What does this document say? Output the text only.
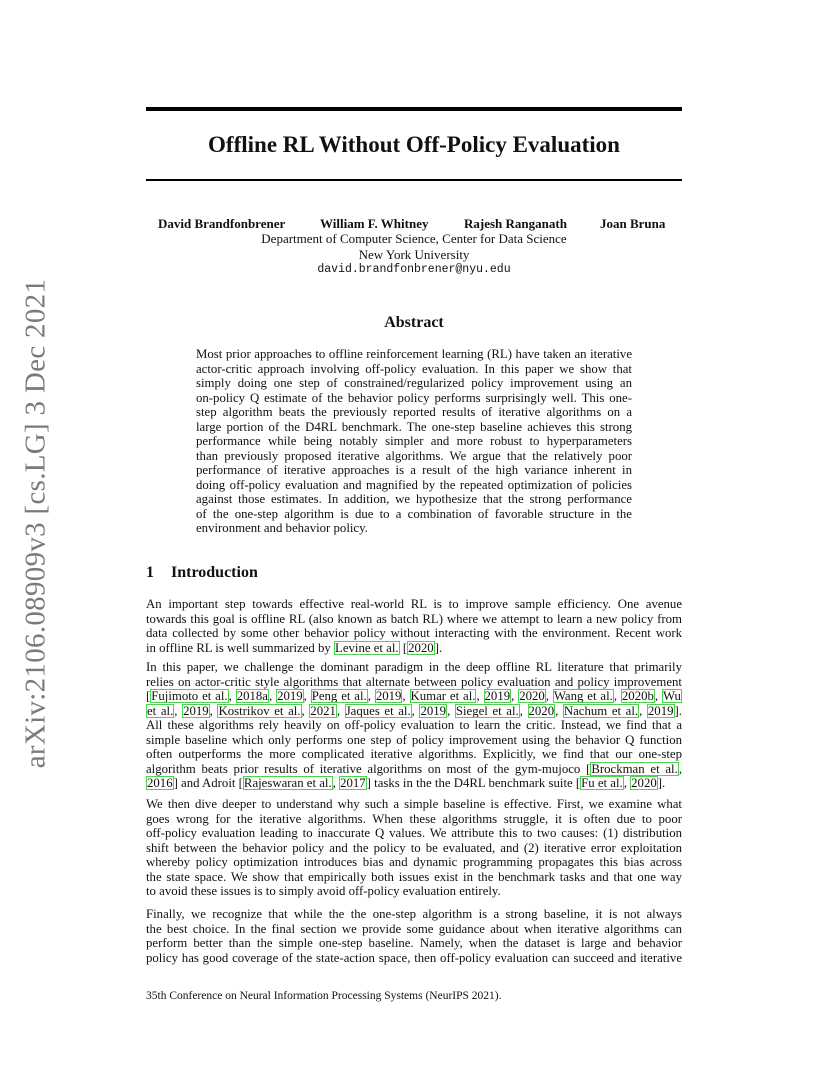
arXiv:2106.08909v3 [cs.LG] 3 Dec 2021
Offline RL Without Off-Policy Evaluation
David Brandfonbrener	William F. Whitney	Rajesh Ranganath	Joan Bruna
Department of Computer Science, Center for Data Science
New York University
david.brandfonbrener@nyu.edu
Abstract
Most prior approaches to offline reinforcement learning (RL) have taken an iterative
actor-critic approach involving off-policy evaluation. In this paper we show that
simply doing one step of constrained/regularized policy improvement using an
on-policy Q estimate of the behavior policy performs surprisingly well. This one-
step algorithm beats the previously reported results of iterative algorithms on a
large portion of the D4RL benchmark. The one-step baseline achieves this strong
performance while being notably simpler and more robust to hyperparameters
than previously proposed iterative algorithms. We argue that the relatively poor
performance of iterative approaches is a result of the high variance inherent in
doing off-policy evaluation and magnified by the repeated optimization of policies
against those estimates. In addition, we hypothesize that the strong performance
of the one-step algorithm is due to a combination of favorable structure in the
environment and behavior policy.
1 Introduction
An important step towards effective real-world RL is to improve sample efficiency. One avenue
towards this goal is offline RL (also known as batch RL) where we attempt to learn a new policy from
data collected by some other behavior policy without interacting with the environment. Recent work
in offline RL is well summarized by Levine et al. [2020].
In this paper, we challenge the dominant paradigm in the deep offline RL literature that primarily
relies on actor-critic style algorithms that alternate between policy evaluation and policy improvement
[Fujimoto et al., 2018a, 2019, Peng et al., 2019, Kumar et al., 2019, 2020, Wang et al., 2020b, Wu
et al., 2019, Kostrikov et al., 2021, Jaques et al., 2019, Siegel et al., 2020, Nachum et al., 2019].
All these algorithms rely heavily on off-policy evaluation to learn the critic. Instead, we find that a
simple baseline which only performs one step of policy improvement using the behavior Q function
often outperforms the more complicated iterative algorithms. Explicitly, we find that our one-step
algorithm beats prior results of iterative algorithms on most of the gym-mujoco [Brockman et al.,
2016] and Adroit [Rajeswaran et al., 2017] tasks in the the D4RL benchmark suite [Fu et al., 2020].
We then dive deeper to understand why such a simple baseline is effective. First, we examine what
goes wrong for the iterative algorithms. When these algorithms struggle, it is often due to poor
off-policy evaluation leading to inaccurate Q values. We attribute this to two causes: (1) distribution
shift between the behavior policy and the policy to be evaluated, and (2) iterative error exploitation
whereby policy optimization introduces bias and dynamic programming propagates this bias across
the state space. We show that empirically both issues exist in the benchmark tasks and that one way
to avoid these issues is to simply avoid off-policy evaluation entirely.
Finally, we recognize that while the the one-step algorithm is a strong baseline, it is not always
the best choice. In the final section we provide some guidance about when iterative algorithms can
perform better than the simple one-step baseline. Namely, when the dataset is large and behavior
policy has good coverage of the state-action space, then off-policy evaluation can succeed and iterative
35th Conference on Neural Information Processing Systems (NeurIPS 2021).
